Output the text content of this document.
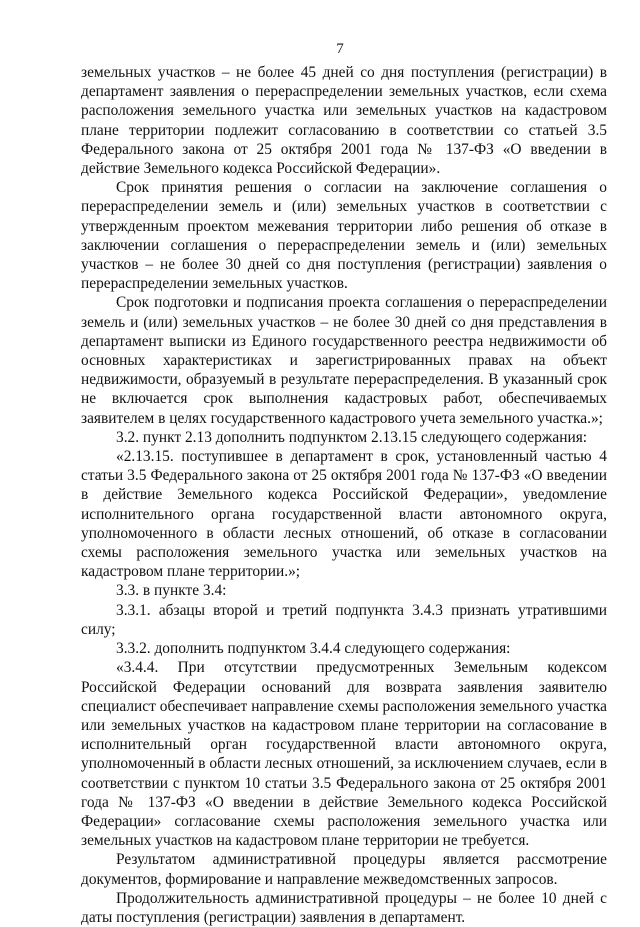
7

земельных участков – не более 45 дней со дня поступления (регистрации) в департамент заявления о перераспределении земельных участков, если схема расположения земельного участка или земельных участков на кадастровом плане территории подлежит согласованию в соответствии со статьей 3.5 Федерального закона от 25 октября 2001 года № 137-ФЗ «О введении в действие Земельного кодекса Российской Федерации».

Срок принятия решения о согласии на заключение соглашения о перераспределении земель и (или) земельных участков в соответствии с утвержденным проектом межевания территории либо решения об отказе в заключении соглашения о перераспределении земель и (или) земельных участков – не более 30 дней со дня поступления (регистрации) заявления о перераспределении земельных участков.

Срок подготовки и подписания проекта соглашения о перераспределении земель и (или) земельных участков – не более 30 дней со дня представления в департамент выписки из Единого государственного реестра недвижимости об основных характеристиках и зарегистрированных правах на объект недвижимости, образуемый в результате перераспределения. В указанный срок не включается срок выполнения кадастровых работ, обеспечиваемых заявителем в целях государственного кадастрового учета земельного участка.»;

3.2. пункт 2.13 дополнить подпунктом 2.13.15 следующего содержания:

«2.13.15. поступившее в департамент в срок, установленный частью 4 статьи 3.5 Федерального закона от 25 октября 2001 года № 137-ФЗ «О введении в действие Земельного кодекса Российской Федерации», уведомление исполнительного органа государственной власти автономного округа, уполномоченного в области лесных отношений, об отказе в согласовании схемы расположения земельного участка или земельных участков на кадастровом плане территории.»;

3.3. в пункте 3.4:

3.3.1. абзацы второй и третий подпункта 3.4.3 признать утратившими силу;

3.3.2. дополнить подпунктом 3.4.4 следующего содержания:

«3.4.4. При отсутствии предусмотренных Земельным кодексом Российской Федерации оснований для возврата заявления заявителю специалист обеспечивает направление схемы расположения земельного участка или земельных участков на кадастровом плане территории на согласование в исполнительный орган государственной власти автономного округа, уполномоченный в области лесных отношений, за исключением случаев, если в соответствии с пунктом 10 статьи 3.5 Федерального закона от 25 октября 2001 года № 137-ФЗ «О введении в действие Земельного кодекса Российской Федерации» согласование схемы расположения земельного участка или земельных участков на кадастровом плане территории не требуется.

Результатом административной процедуры является рассмотрение документов, формирование и направление межведомственных запросов.

Продолжительность административной процедуры – не более 10 дней с даты поступления (регистрации) заявления в департамент.
